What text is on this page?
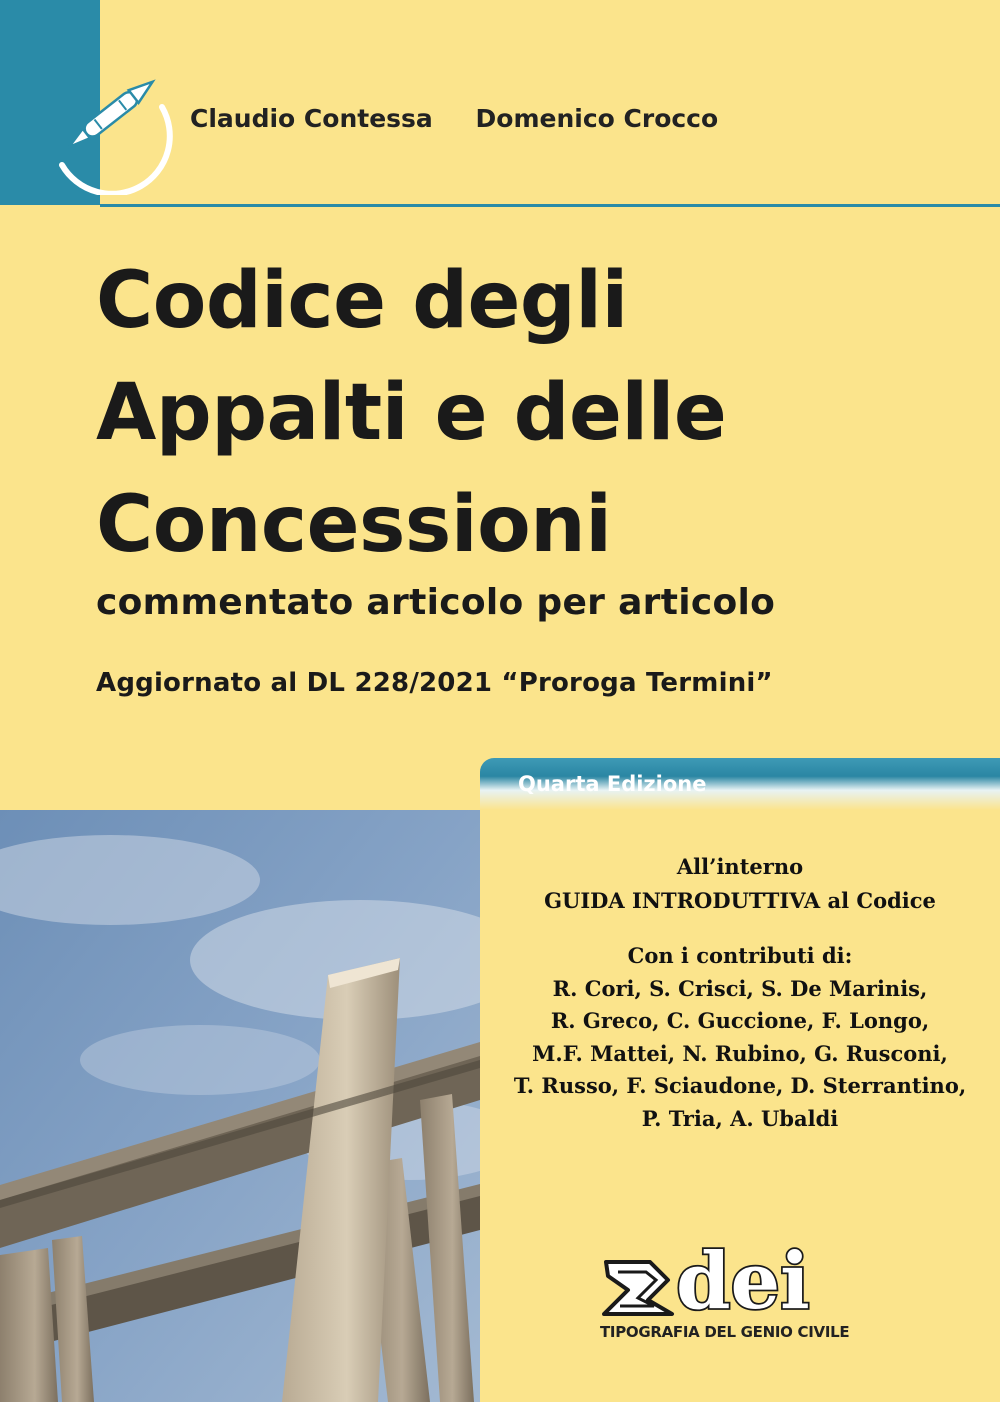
Claudio Contessa Domenico Crocco
Codice degli
Appalti e delle
Concessioni
commentato articolo per articolo
Aggiornato al DL 228/2021 “Proroga Termini”
Quarta Edizione
All’interno
GUIDA INTRODUTTIVA al Codice
Con i contributi di:
R. Cori, S. Crisci, S. De Marinis,
R. Greco, C. Guccione, F. Longo,
M.F. Mattei, N. Rubino, G. Rusconi,
T. Russo, F. Sciaudone, D. Sterrantino,
P. Tria, A. Ubaldi
dei
TIPOGRAFIA DEL GENIO CIVILE
